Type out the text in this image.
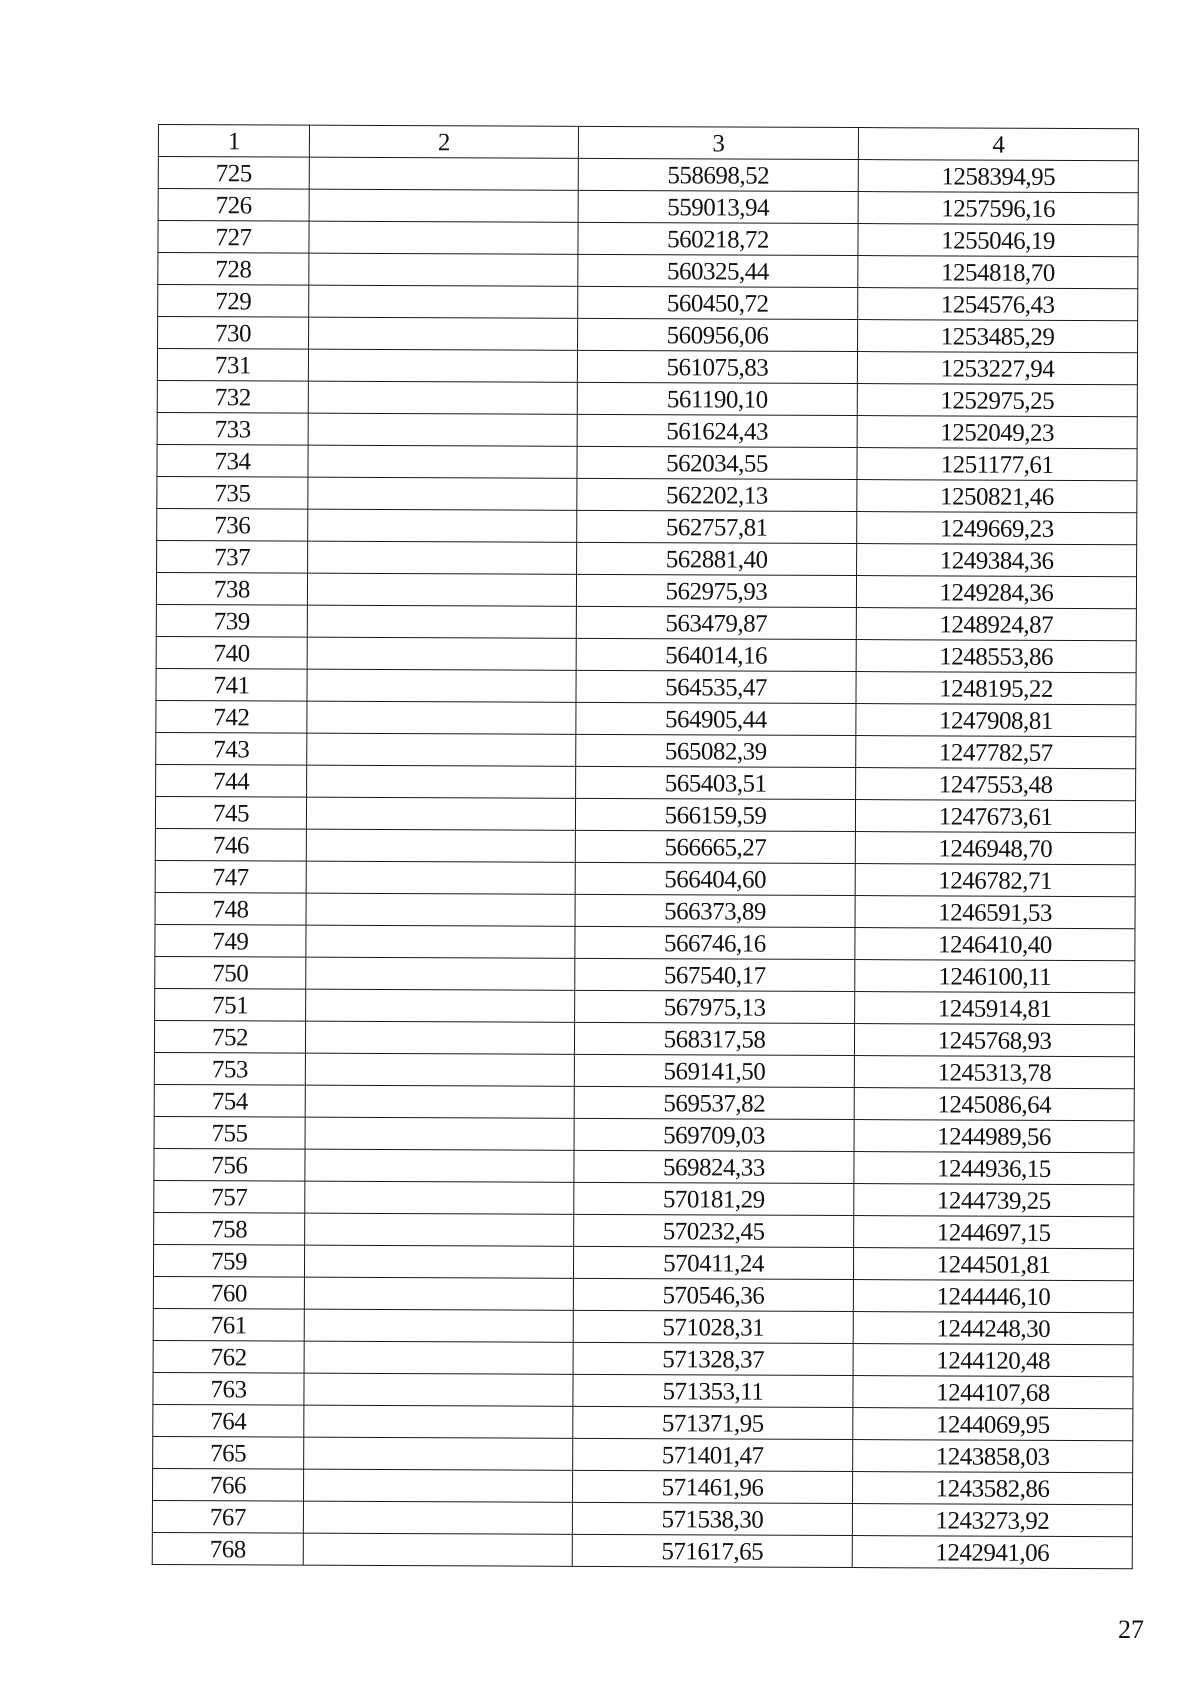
1	2	3	4
725		558698,52	1258394,95
726		559013,94	1257596,16
727		560218,72	1255046,19
728		560325,44	1254818,70
729		560450,72	1254576,43
730		560956,06	1253485,29
731		561075,83	1253227,94
732		561190,10	1252975,25
733		561624,43	1252049,23
734		562034,55	1251177,61
735		562202,13	1250821,46
736		562757,81	1249669,23
737		562881,40	1249384,36
738		562975,93	1249284,36
739		563479,87	1248924,87
740		564014,16	1248553,86
741		564535,47	1248195,22
742		564905,44	1247908,81
743		565082,39	1247782,57
744		565403,51	1247553,48
745		566159,59	1247673,61
746		566665,27	1246948,70
747		566404,60	1246782,71
748		566373,89	1246591,53
749		566746,16	1246410,40
750		567540,17	1246100,11
751		567975,13	1245914,81
752		568317,58	1245768,93
753		569141,50	1245313,78
754		569537,82	1245086,64
755		569709,03	1244989,56
756		569824,33	1244936,15
757		570181,29	1244739,25
758		570232,45	1244697,15
759		570411,24	1244501,81
760		570546,36	1244446,10
761		571028,31	1244248,30
762		571328,37	1244120,48
763		571353,11	1244107,68
764		571371,95	1244069,95
765		571401,47	1243858,03
766		571461,96	1243582,86
767		571538,30	1243273,92
768		571617,65	1242941,06
27
